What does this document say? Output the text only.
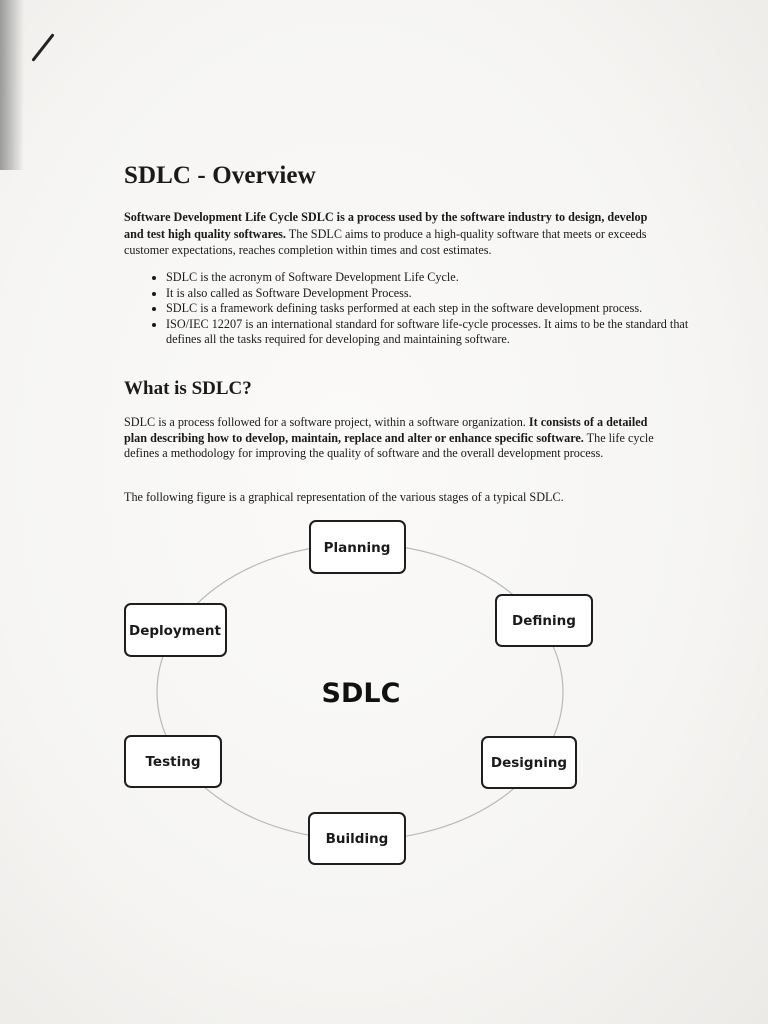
SDLC - Overview

Software Development Life Cycle SDLC is a process used by the software industry to design, develop and test high quality softwares. The SDLC aims to produce a high-quality software that meets or exceeds customer expectations, reaches completion within times and cost estimates.

• SDLC is the acronym of Software Development Life Cycle.
• It is also called as Software Development Process.
• SDLC is a framework defining tasks performed at each step in the software development process.
• ISO/IEC 12207 is an international standard for software life-cycle processes. It aims to be the standard that defines all the tasks required for developing and maintaining software.
What is SDLC?

SDLC is a process followed for a software project, within a software organization. It consists of a detailed plan describing how to develop, maintain, replace and alter or enhance specific software. The life cycle defines a methodology for improving the quality of software and the overall development process.

The following figure is a graphical representation of the various stages of a typical SDLC.

Planning
Defining
Designing
Building
Testing
Deployment
SDLC
